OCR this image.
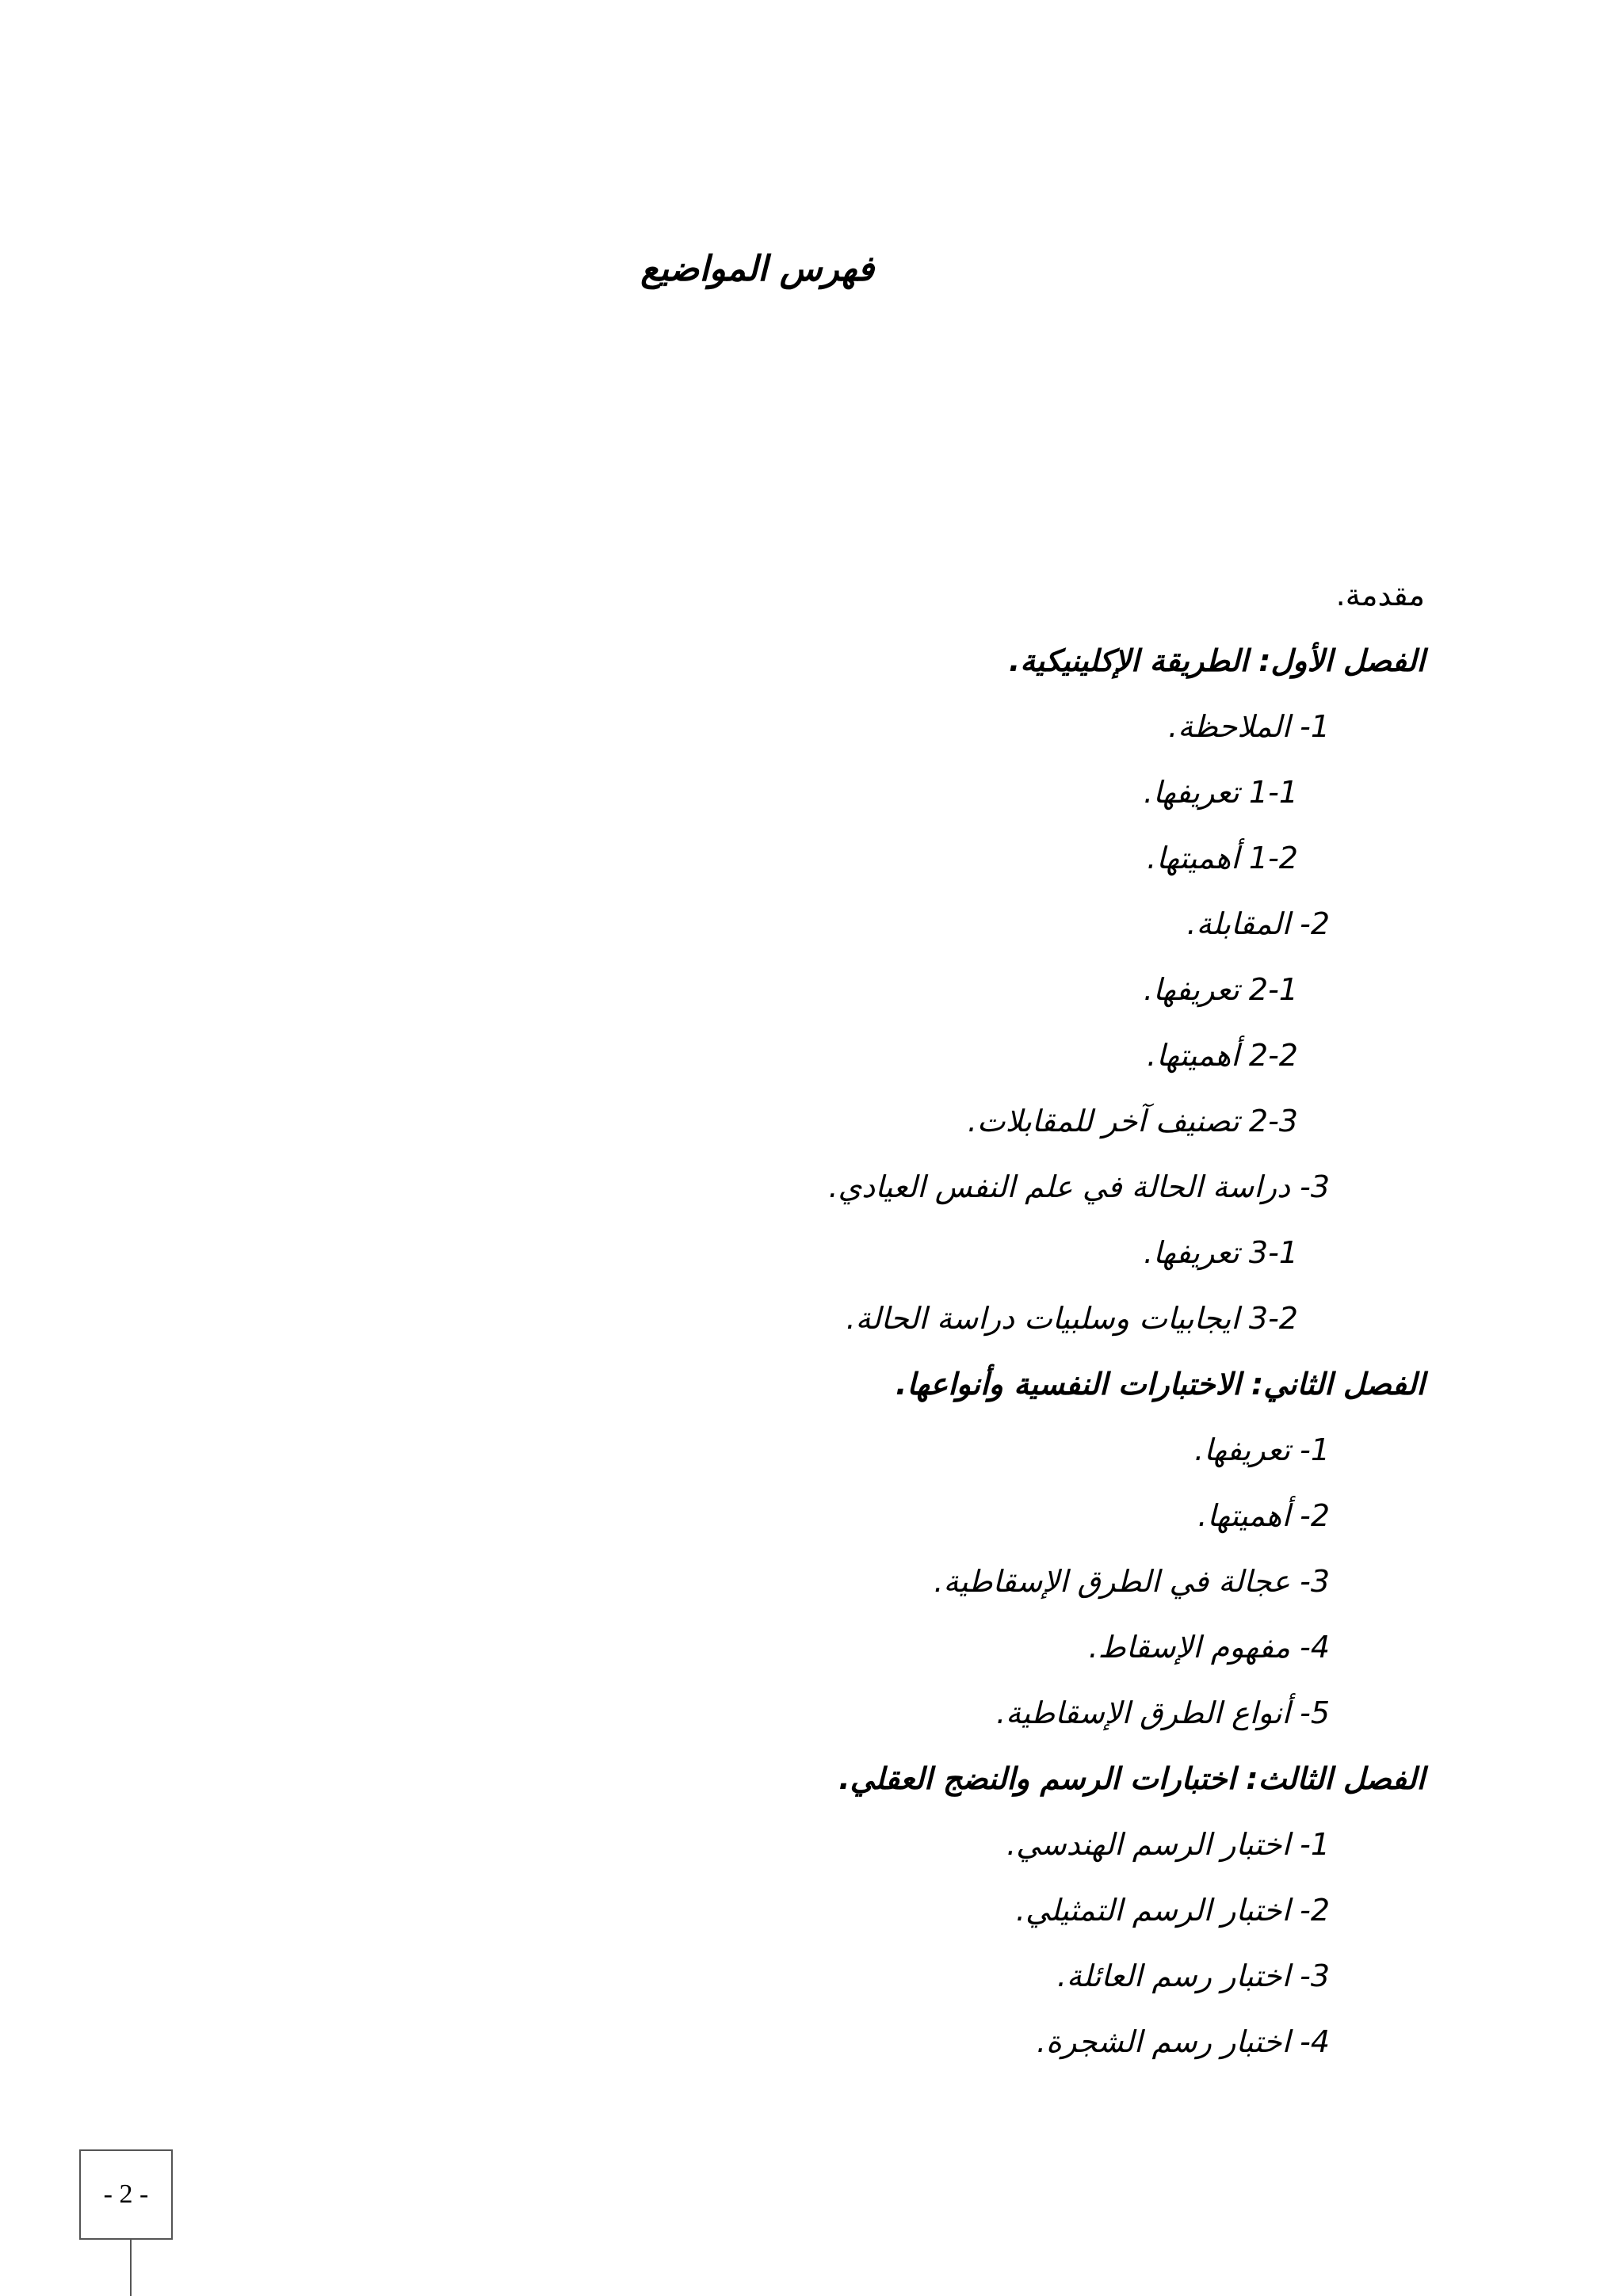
فهرس المواضيع
مقدمة.
الفصل الأول: الطريقة الإكلينيكية.
1- الملاحظة.
1-1 تعريفها.
1-2 أهميتها.
2- المقابلة.
2-1 تعريفها.
2-2 أهميتها.
2-3 تصنيف آخر للمقابلات.
3- دراسة الحالة في علم النفس العيادي.
3-1 تعريفها.
3-2 ايجابيات وسلبيات دراسة الحالة.
الفصل الثاني: الاختبارات النفسية وأنواعها.
1- تعريفها.
2- أهميتها.
3- عجالة في الطرق الإسقاطية.
4- مفهوم الإسقاط.
5- أنواع الطرق الإسقاطية.
الفصل الثالث: اختبارات الرسم والنضج العقلي.
1- اختبار الرسم الهندسي.
2- اختبار الرسم التمثيلي.
3- اختبار رسم العائلة.
4- اختبار رسم الشجرة.
- 2 -
